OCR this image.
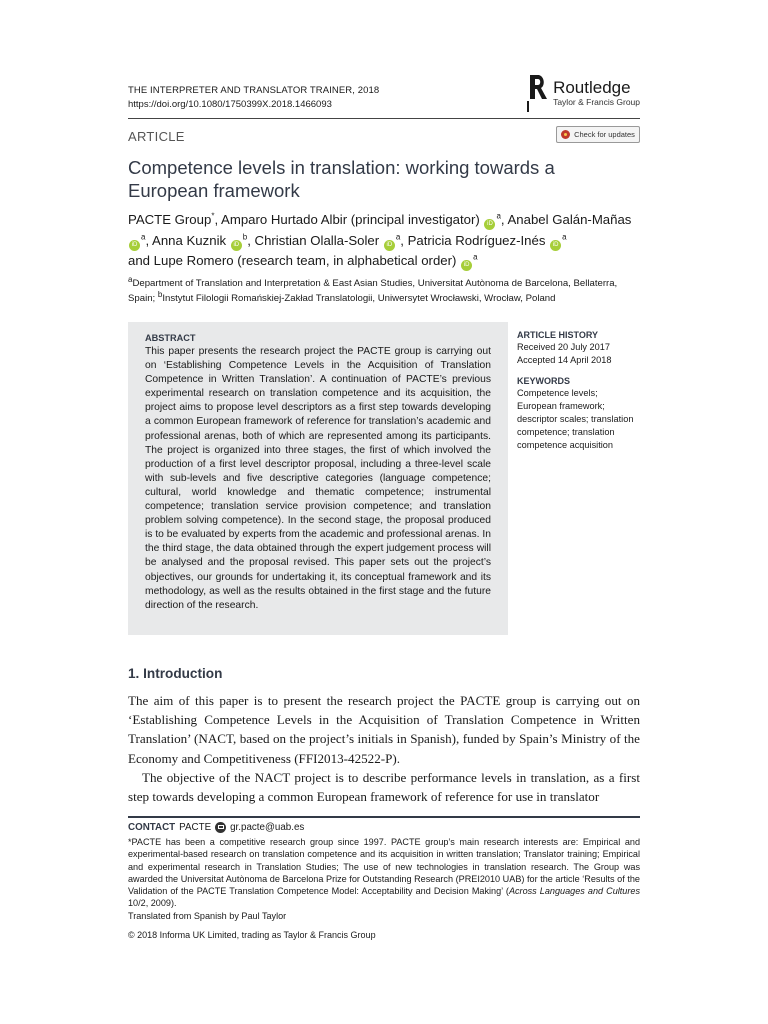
THE INTERPRETER AND TRANSLATOR TRAINER, 2018
https://doi.org/10.1080/1750399X.2018.1466093
Routledge
Taylor & Francis Group
ARTICLE	Check for updates
Competence levels in translation: working towards a European framework
PACTE Group*, Amparo Hurtado Albir (principal investigator) $iD^a$, Anabel Galán-Mañas $iD^a$, Anna Kuznik $iD^b$, Christian Olalla-Soler $iD^a$, Patricia Rodríguez-Inés $iD^a$
and Lupe Romero (research team, in alphabetical order) $iD^a$
$^a$Department of Translation and Interpretation & East Asian Studies, Universitat Autònoma de Barcelona, Bellaterra, Spain; $^b$Instytut Filologii Romańskiej-Zakład Translatologii, Uniwersytet Wrocławski, Wrocław, Poland
ABSTRACT
This paper presents the research project the PACTE group is carrying out on ‘Establishing Competence Levels in the Acquisition of Translation Competence in Written Translation’. A continuation of PACTE’s previous experimental research on translation competence and its acquisition, the project aims to propose level descriptors as a first step towards developing a common European framework of reference for translation’s academic and professional arenas, both of which are represented among its participants. The project is organized into three stages, the first of which involved the production of a first level descriptor proposal, including a three-level scale with sub-levels and five descriptive categories (language competence; cultural, world knowledge and thematic competence; instrumental competence; translation service provision competence; and translation problem solving competence). In the second stage, the proposal produced is to be evaluated by experts from the academic and professional arenas. In the third stage, the data obtained through the expert judgement process will be analysed and the proposal revised. This paper sets out the project’s objectives, our grounds for undertaking it, its conceptual framework and its methodology, as well as the results obtained in the first stage and the future direction of the research.
ARTICLE HISTORY
Received 20 July 2017
Accepted 14 April 2018
KEYWORDS
Competence levels;
European framework;
descriptor scales; translation
competence; translation
competence acquisition
1. Introduction

The aim of this paper is to present the research project the PACTE group is carrying out on ‘Establishing Competence Levels in the Acquisition of Translation Competence in Written Translation’ (NACT, based on the project’s initials in Spanish), funded by Spain’s Ministry of the Economy and Competitiveness (FFI2013-42522-P).

The objective of the NACT project is to describe performance levels in translation, as a first step towards developing a common European framework of reference for use in translator

CONTACT PACTE gr.pacte@uab.es
*PACTE has been a competitive research group since 1997. PACTE group’s main research interests are: Empirical and experimental-based research on translation competence and its acquisition in written translation; Translator training; Empirical and experimental research in Translation Studies; The use of new technologies in translation research. The Group was awarded the Universitat Autònoma de Barcelona Prize for Outstanding Research (PREI2010 UAB) for the article ‘Results of the Validation of the PACTE Translation Competence Model: Acceptability and Decision Making’ (Across Languages and Cultures 10/2, 2009).
Translated from Spanish by Paul Taylor
© 2018 Informa UK Limited, trading as Taylor & Francis Group
